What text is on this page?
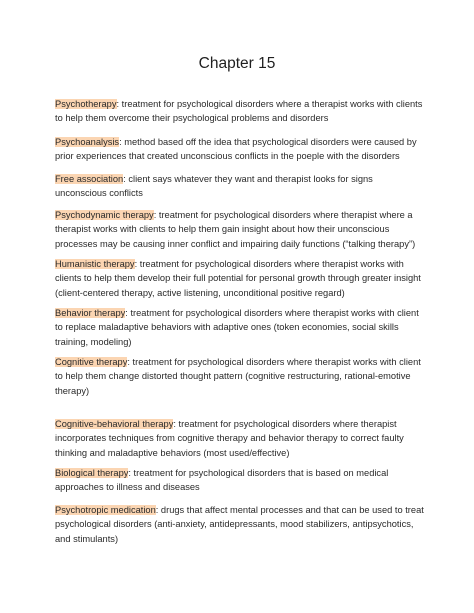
Chapter 15
Psychotherapy: treatment for psychological disorders where a therapist works with clients to help them overcome their psychological problems and disorders
Psychoanalysis: method based off the idea that psychological disorders were caused by prior experiences that created unconscious conflicts in the poeple with the disorders
Free association: client says whatever they want and therapist looks for signs unconscious conflicts
Psychodynamic therapy: treatment for psychological disorders where therapist where a therapist works with clients to help them gain insight about how their unconscious processes may be causing inner conflict and impairing daily functions (“talking therapy”)
Humanistic therapy: treatment for psychological disorders where therapist works with clients to help them develop their full potential for personal growth through greater insight (client-centered therapy, active listening, unconditional positive regard)
Behavior therapy: treatment for psychological disorders where therapist works with client to replace maladaptive behaviors with adaptive ones (token economies, social skills training, modeling)
Cognitive therapy: treatment for psychological disorders where therapist works with client to help them change distorted thought pattern (cognitive restructuring, rational-emotive therapy)
Cognitive-behavioral therapy: treatment for psychological disorders where therapist incorporates techniques from cognitive therapy and behavior therapy to correct faulty thinking and maladaptive behaviors (most used/effective)
Biological therapy: treatment for psychological disorders that is based on medical approaches to illness and diseases
Psychotropic medication: drugs that affect mental processes and that can be used to treat psychological disorders (anti-anxiety, antidepressants, mood stabilizers, antipsychotics, and stimulants)
